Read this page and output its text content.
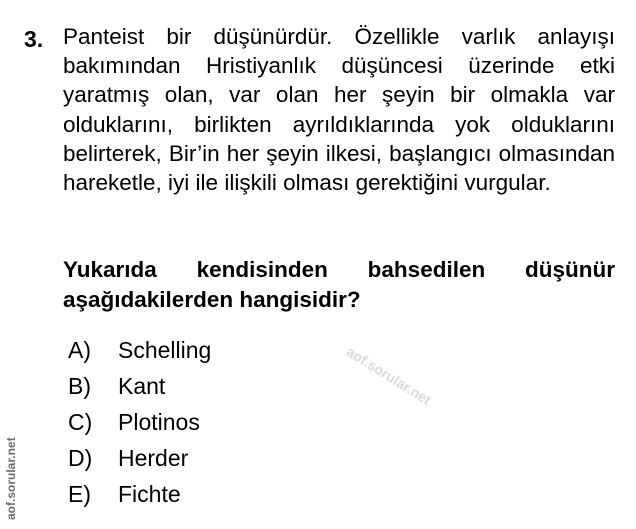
3. Panteist bir düşünürdür. Özellikle varlık anlayışı bakımından Hristiyanlık düşüncesi üzerinde etki yaratmış olan, var olan her şeyin bir olmakla var olduklarını, birlikten ayrıldıklarında yok olduklarını belirterek, Bir’in her şeyin ilkesi, başlangıcı olmasından hareketle, iyi ile ilişkili olması gerektiğini vurgular.

Yukarıda kendisinden bahsedilen düşünür aşağıdakilerden hangisidir?

A)	Schelling
B)	Kant
C)	Plotinos
D)	Herder
E)	Fichte
aof.sorular.net
aof.sorular.net
